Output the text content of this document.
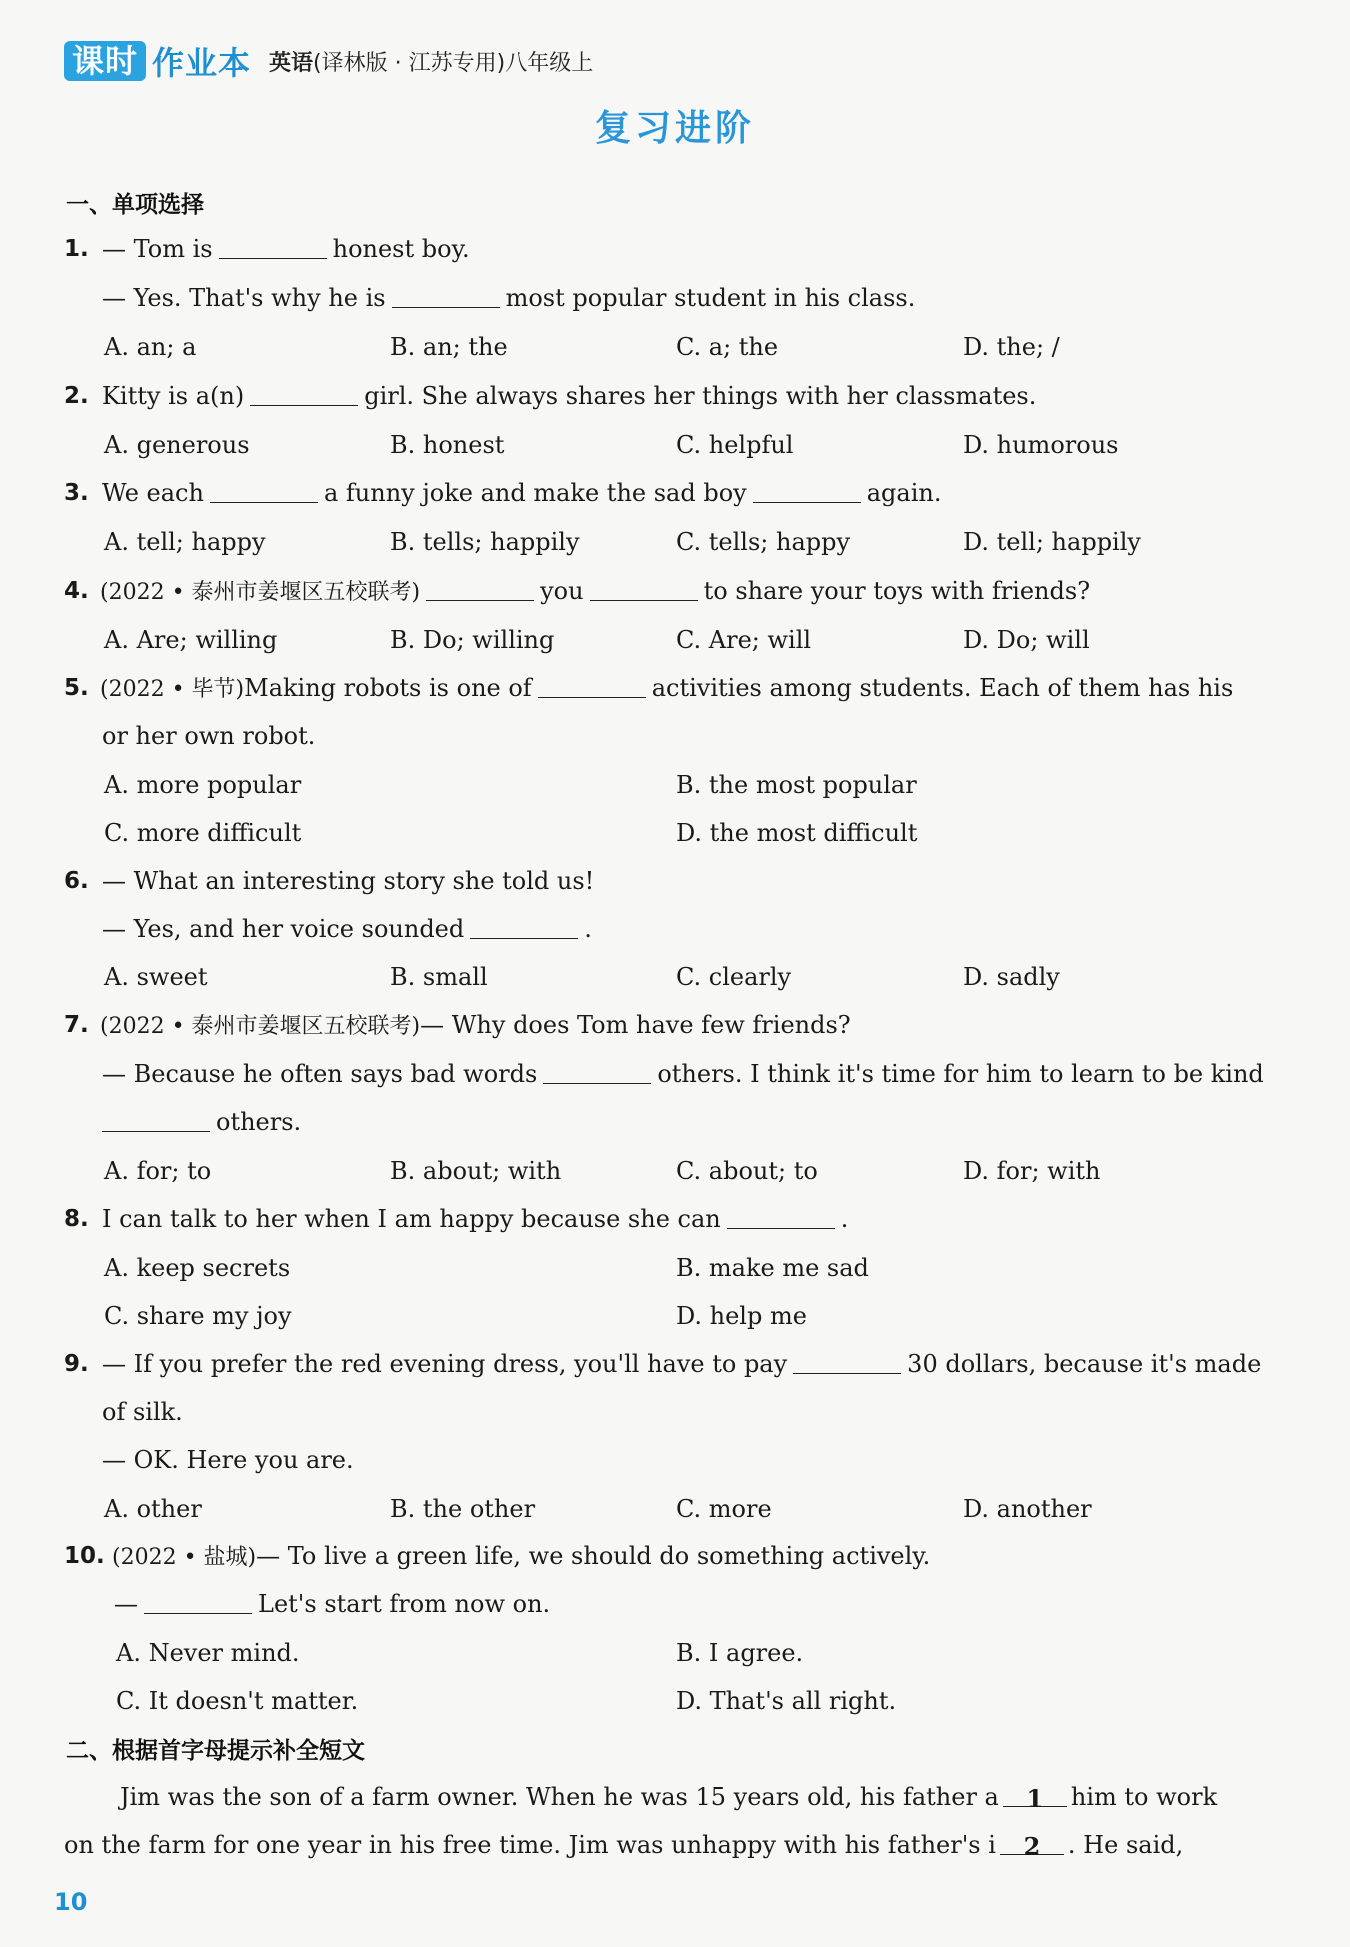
课时 作业本 英语(译林版 · 江苏专用)八年级上
复习进阶
一、单项选择
1. — Tom is	honest boy.
— Yes. That's why he is	most popular student in his class.
A. an; a	B. an; the	C. a; the	D. the; /
2. Kitty is a(n)	girl. She always shares her things with her classmates.
A. generous	B. honest	C. helpful	D. humorous
3. We each	a funny joke and make the sad boy	again.
A. tell; happy	B. tells; happily	C. tells; happy	D. tell; happily
4. (2022 • 泰州市姜堰区五校联考)	you	to share your toys with friends?
A. Are; willing	B. Do; willing	C. Are; will	D. Do; will
5. (2022 • 毕节)Making robots is one of	activities among students. Each of them has his
or her own robot.
A. more popular	B. the most popular
C. more difficult	D. the most difficult
6. — What an interesting story she told us!
— Yes, and her voice sounded	.
A. sweet	B. small	C. clearly	D. sadly
7. (2022 • 泰州市姜堰区五校联考)— Why does Tom have few friends?
— Because he often says bad words	others. I think it's time for him to learn to be kind
others.
A. for; to	B. about; with	C. about; to	D. for; with
8. I can talk to her when I am happy because she can	.
A. keep secrets	B. make me sad
C. share my joy	D. help me
9. — If you prefer the red evening dress, you'll have to pay	30 dollars, because it's made
of silk.
— OK. Here you are.
A. other	B. the other	C. more	D. another
10. (2022 • 盐城)— To live a green life, we should do something actively.
—	Let's start from now on.
A. Never mind.	B. I agree.
C. It doesn't matter.	D. That's all right.
二、根据首字母提示补全短文
Jim was the son of a farm owner. When he was 15 years old, his father a 1 him to work
on the farm for one year in his free time. Jim was unhappy with his father's i 2 . He said,
10
